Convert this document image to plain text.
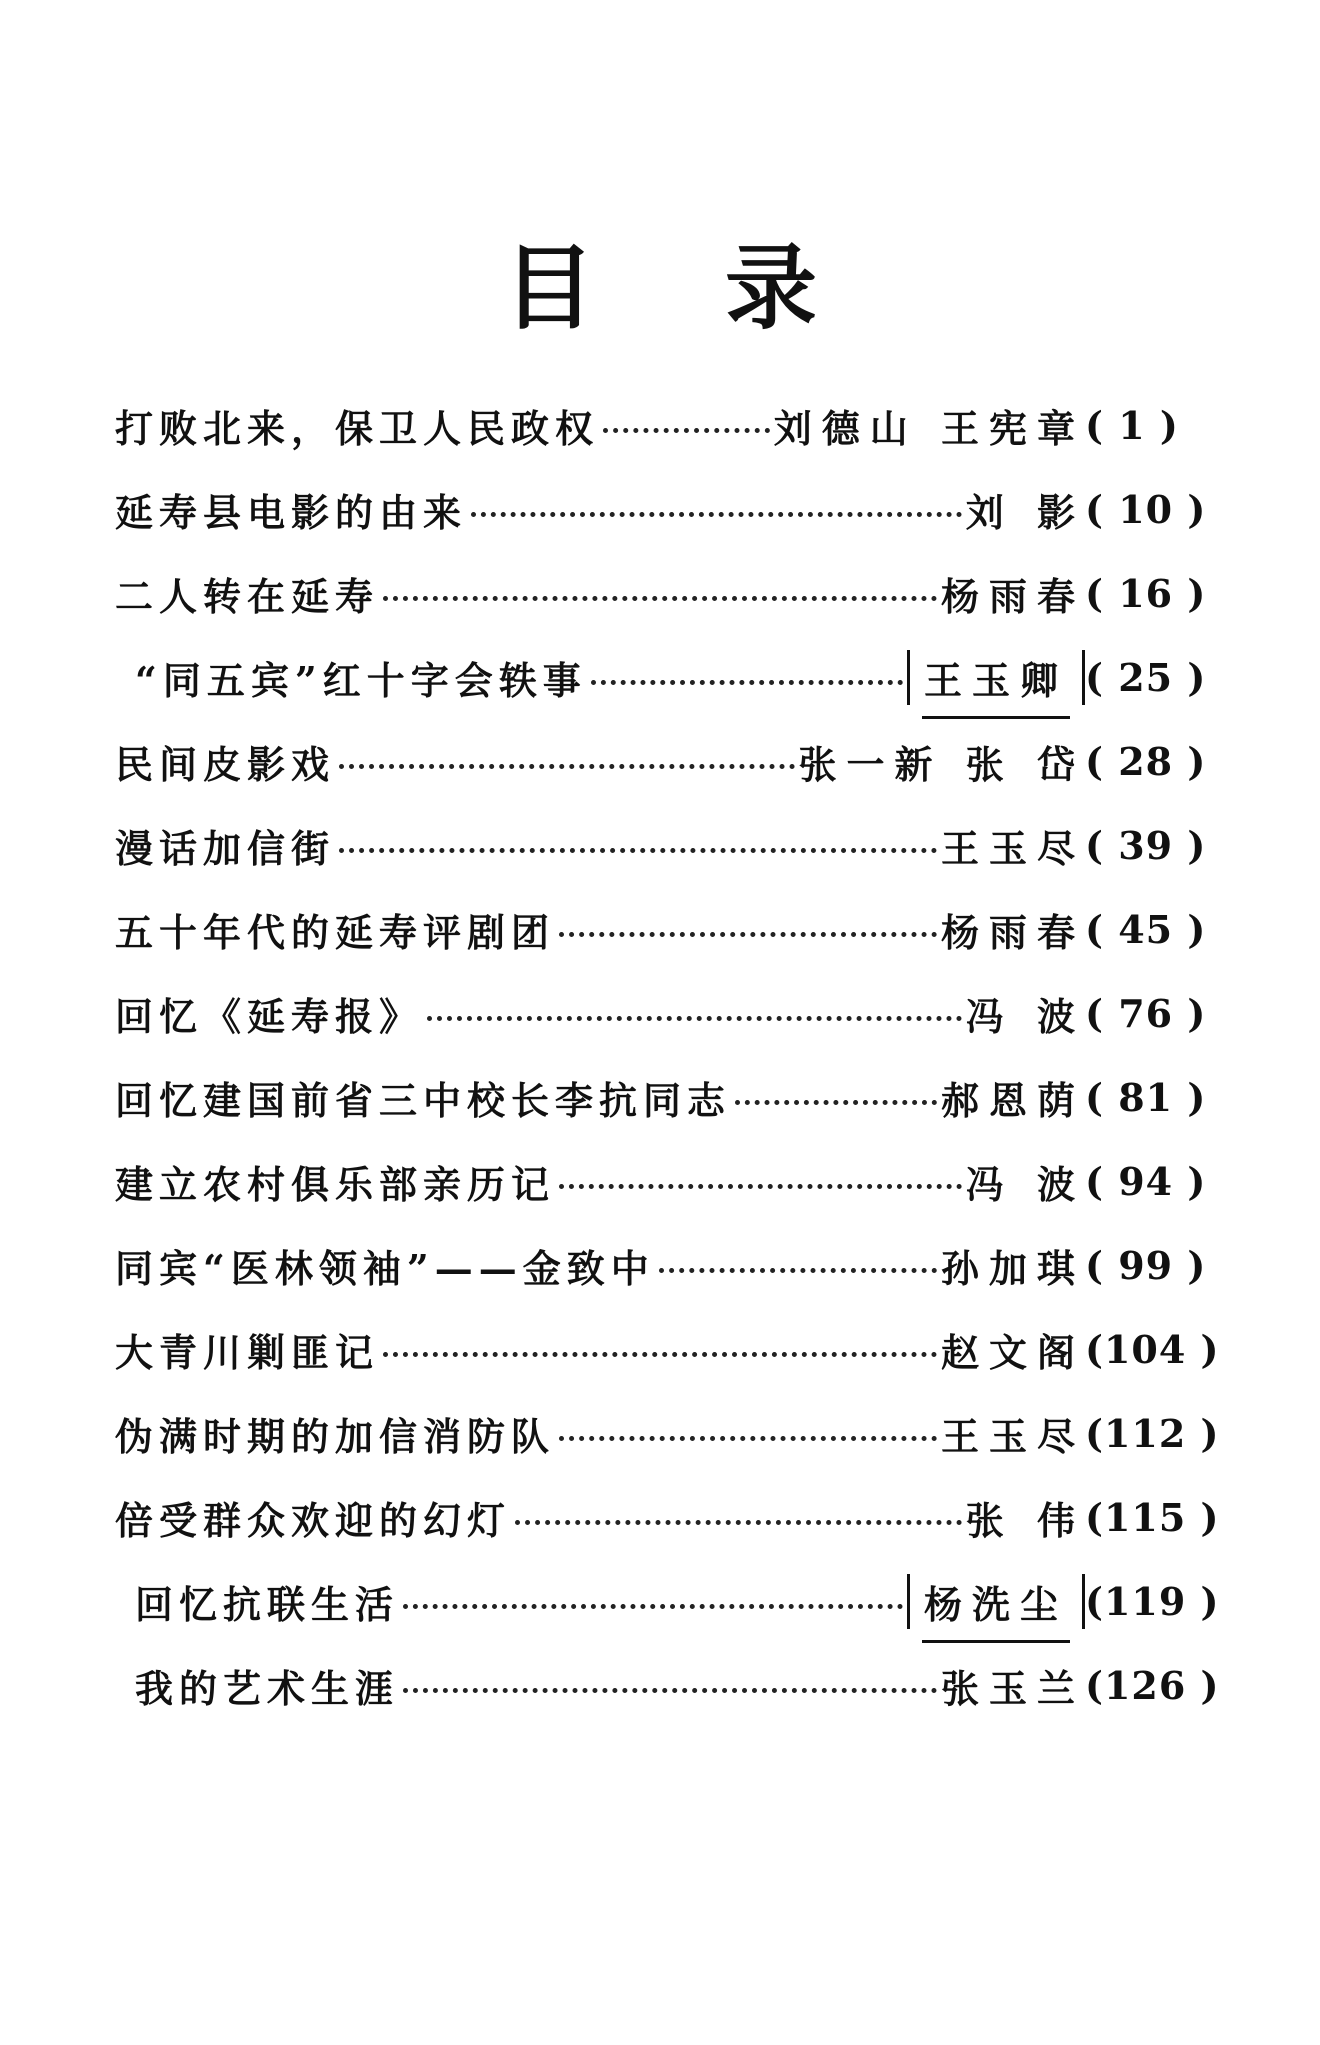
目 录
打败北来，保卫人民政权	刘德山 王宪章 ( 1 )
延寿县电影的由来	刘 影 ( 10 )
二人转在延寿	杨雨春 ( 16 )
“同五宾”红十字会轶事	王玉卿 ( 25 )
民间皮影戏	张一新 张 岱 ( 28 )
漫话加信街	王玉尽 ( 39 )
五十年代的延寿评剧团	杨雨春 ( 45 )
回忆《延寿报》	冯 波 ( 76 )
回忆建国前省三中校长李抗同志	郝恩荫 ( 81 )
建立农村俱乐部亲历记	冯 波 ( 94 )
同宾“医林领袖”——金致中	孙加琪 ( 99 )
大青川剿匪记	赵文阁 (104 )
伪满时期的加信消防队	王玉尽 (112 )
倍受群众欢迎的幻灯	张 伟 (115 )
回忆抗联生活	杨洗尘 (119 )
我的艺术生涯	张玉兰 (126 )
